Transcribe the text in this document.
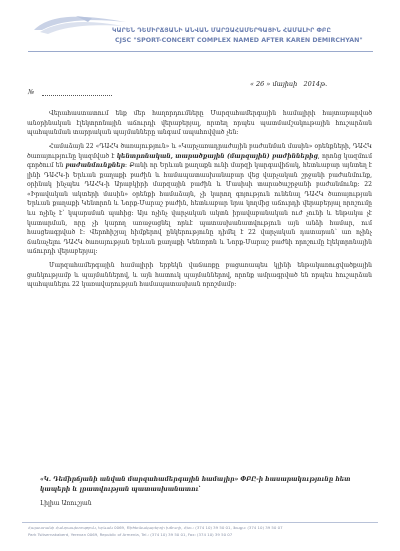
ԿԱՐԵՆ ԴԵՄԻՐՃՅԱՆԻ ԱՆՎԱՆ ՄԱՐԶԱՀԱՄԵՐԳԱՅԻՆ ՀԱՄԱԼԻՐ ՓԲԸ
CJSC "SPORT-CONCERT COMPLEX NAMED AFTER KAREN DEMIRCHYAN"
« 26 » մայիսի 2014թ.
№

Վերահաստատում ենք մեր հաղորդումները Մարզահամերգային համալիրի հայտարարված անօրինական էլեկտրոնային աճուրդի վերաբերյալ, որտեղ որպես պատմամշակութային հուշարձան պահպանման տարրական պայմանները անգամ ապահովված չեն:

Համաձայն 22 «ԴԱՀԿ ծառայություն» և «Կարչառադրաժային բաժանման մասին» օրենքների, ԴԱՀԿ ծառայությունը կազմված է կենտրոնական, տարածքային (մարզային) բաժիններից, որոնց կազմում գործում են բաժանմունքներ: Քանի որ Երևան քաղաքն ունի մարզի կարգավիճակ, հետևաբար այնտեղ է լինի ԴԱՀԿ-ի Երևան քաղաքի բաժին և համապատասխանաբար վեց վարչական շրջանի բաժանմունք, օրինակ ինչպես ԴԱՀԿ-ի Արաբկիրի մարզային բաժին և Մասիսի տարածաշրջանի բաժանմունք: 22 «Իրավական ակտերի մասին» օրենքի համաձայն, չի կարող գոյություն ունենալ ԴԱՀԿ ծառայության Երևան քաղաքի Կենտրոն և Նորք-Մարաշ բաժին, հետևաբար նրա կողմից աճուրդի վերաբերյալ որոշումը ևս ոչինչ է՝ կպարսման պահից: Այս ոչինչ վարչական ակտն իրավաբանական ուժ չունի և ենթակա չէ կատարման, որը չի կարող առաջացնել որևէ պատասխանատվություն այն անձի համար, ում հասցեագրված է: Վերոհիշյալ հիմքերով ընկերությունը դիմել է 22 վարչական դատարան՝ առ ոչինչ ճանաչելու ԴԱՀԿ ծառայության Երևան քաղաքի Կենտրոն և Նորք-Մարաշ բաժնի որոշումը էլեկտրոնային աճուրդի վերաբերյալ:

Մարզահամերգային համալիրի երբեկն վաճառքը բացառապես կլինի ենթակառուցվածքային ցանկությամբ և պայմաններով, և այն հատուկ պայմաններով, որոնք ամրագրված են որպես հուշարձան պահպանելու 22 կառավարության համապատասխան որոշմամբ:

«Կ. Դեմիրճյանի անվան մարզահամերգային համալիր» ՓԲԸ-ի հասարակությունը հետ կապերի և լրատվության պատասխանատու՝
Լիլիա Առուշյան
Հայաստանի Հանրապետություն, Երևան 0069, Ծիծեռնակաբերդի խճուղի, Հեռ.: (374 10) 39 50 01, Ֆաքս: (374 10) 39 50 07
Park Tsitsernakaberd, Yerevan 0069, Republic of Armenia, Tel.: (374 10) 39 50 01, Fax: (374 10) 39 50 07
